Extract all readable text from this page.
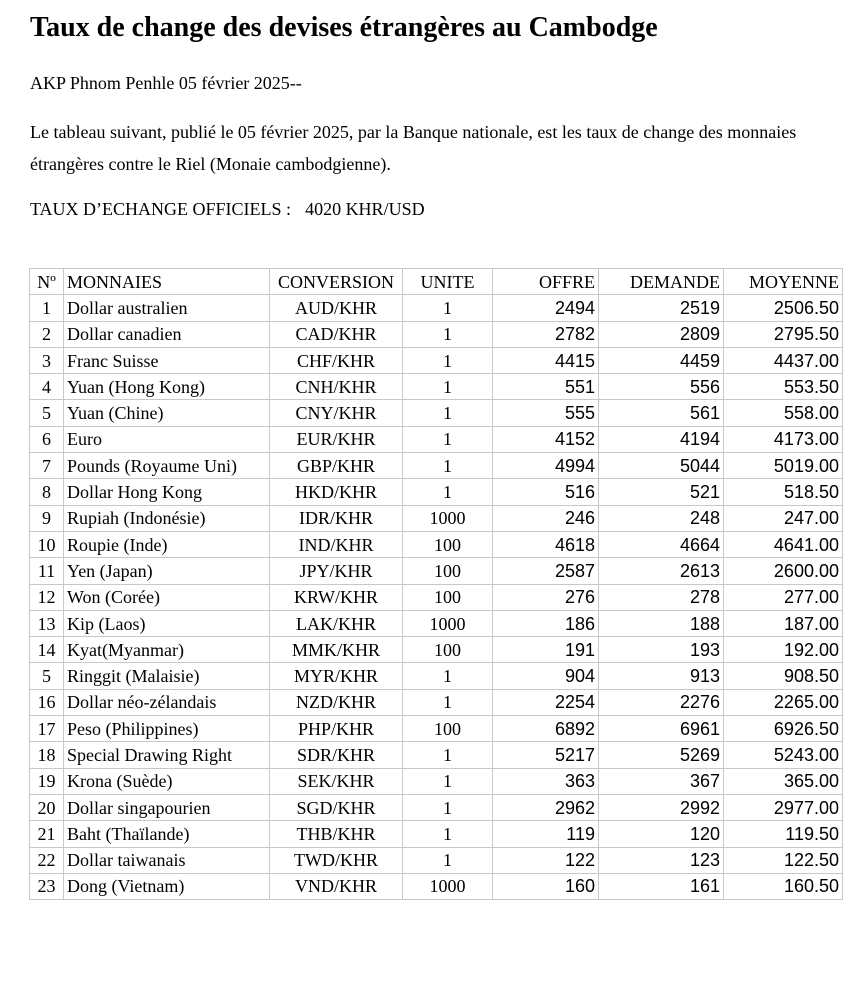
Taux de change des devises étrangères au Cambodge

AKP Phnom Penhle 05 février 2025--

Le tableau suivant, publié le 05 février 2025, par la Banque nationale, est les taux de change des monnaies étrangères contre le Riel (Monaie cambodgienne).

TAUX D’ECHANGE OFFICIELS : 4020 KHR/USD

Nº	MONNAIES	CONVERSION	UNITE	OFFRE	DEMANDE	MOYENNE
1	Dollar australien	AUD/KHR	1	2494	2519	2506.50
2	Dollar canadien	CAD/KHR	1	2782	2809	2795.50
3	Franc Suisse	CHF/KHR	1	4415	4459	4437.00
4	Yuan (Hong Kong)	CNH/KHR	1	551	556	553.50
5	Yuan (Chine)	CNY/KHR	1	555	561	558.00
6	Euro	EUR/KHR	1	4152	4194	4173.00
7	Pounds (Royaume Uni)	GBP/KHR	1	4994	5044	5019.00
8	Dollar Hong Kong	HKD/KHR	1	516	521	518.50
9	Rupiah (Indonésie)	IDR/KHR	1000	246	248	247.00
10	Roupie (Inde)	IND/KHR	100	4618	4664	4641.00
11	Yen (Japan)	JPY/KHR	100	2587	2613	2600.00
12	Won (Corée)	KRW/KHR	100	276	278	277.00
13	Kip (Laos)	LAK/KHR	1000	186	188	187.00
14	Kyat(Myanmar)	MMK/KHR	100	191	193	192.00
5	Ringgit (Malaisie)	MYR/KHR	1	904	913	908.50
16	Dollar néo-zélandais	NZD/KHR	1	2254	2276	2265.00
17	Peso (Philippines)	PHP/KHR	100	6892	6961	6926.50
18	Special Drawing Right	SDR/KHR	1	5217	5269	5243.00
19	Krona (Suède)	SEK/KHR	1	363	367	365.00
20	Dollar singapourien	SGD/KHR	1	2962	2992	2977.00
21	Baht (Thaïlande)	THB/KHR	1	119	120	119.50
22	Dollar taiwanais	TWD/KHR	1	122	123	122.50
23	Dong (Vietnam)	VND/KHR	1000	160	161	160.50
